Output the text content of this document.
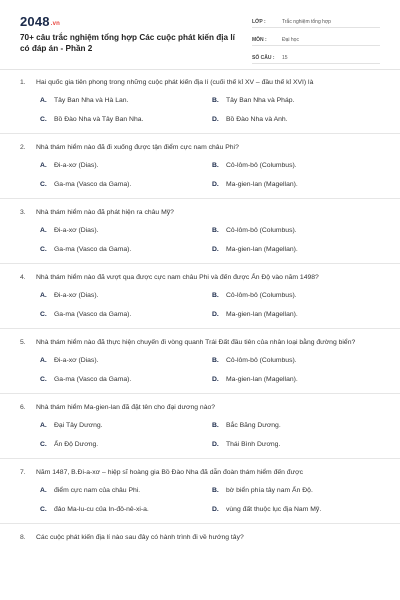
2048.vn
70+ câu trắc nghiệm tổng hợp Các cuộc phát kiến địa lí có đáp án - Phần 2
LỚP :	Trắc nghiệm tổng hợp
MÔN :	Đại học
SỐ CÂU :	15
1.	Hai quốc gia tiên phong trong những cuộc phát kiến địa lí (cuối thế kỉ XV – đầu thế kỉ XVI) là
A.	Tây Ban Nha và Hà Lan.	B.	Tây Ban Nha và Pháp.
C.	Bồ Đào Nha và Tây Ban Nha.	D.	Bồ Đào Nha và Anh.
2.	Nhà thám hiểm nào đã đi xuống được tận điểm cực nam châu Phi?
A.	Đi-a-xơ (Dias).	B.	Cô-lôm-bô (Columbus).
C.	Ga-ma (Vasco da Gama).	D.	Ma-gien-lan (Magellan).
3.	Nhà thám hiểm nào đã phát hiện ra châu Mỹ?
A.	Đi-a-xơ (Dias).	B.	Cô-lôm-bô (Columbus).
C.	Ga-ma (Vasco da Gama).	D.	Ma-gien-lan (Magellan).
4.	Nhà thám hiểm nào đã vượt qua được cực nam châu Phi và đến được Ấn Độ vào năm 1498?
A.	Đi-a-xơ (Dias).	B.	Cô-lôm-bô (Columbus).
C.	Ga-ma (Vasco da Gama).	D.	Ma-gien-lan (Magellan).
5.	Nhà thám hiểm nào đã thực hiện chuyến đi vòng quanh Trái Đất đầu tiên của nhân loại bằng đường biển?
A.	Đi-a-xơ (Dias).	B.	Cô-lôm-bô (Columbus).
C.	Ga-ma (Vasco da Gama).	D.	Ma-gien-lan (Magellan).
6.	Nhà thám hiểm Ma-gien-lan đã đặt tên cho đại dương nào?
A.	Đại Tây Dương.	B.	Bắc Băng Dương.
C.	Ấn Độ Dương.	D.	Thái Bình Dương.
7.	Năm 1487, B.Đi-a-xơ – hiệp sĩ hoàng gia Bồ Đào Nha đã dẫn đoàn thám hiểm đến được
A.	điểm cực nam của châu Phi.	B.	bờ biển phía tây nam Ấn Độ.
C.	đảo Ma-lu-cu của In-đô-nê-xi-a.	D.	vùng đất thuộc lục địa Nam Mỹ.
8.	Các cuộc phát kiến địa lí nào sau đây có hành trình đi về hướng tây?
